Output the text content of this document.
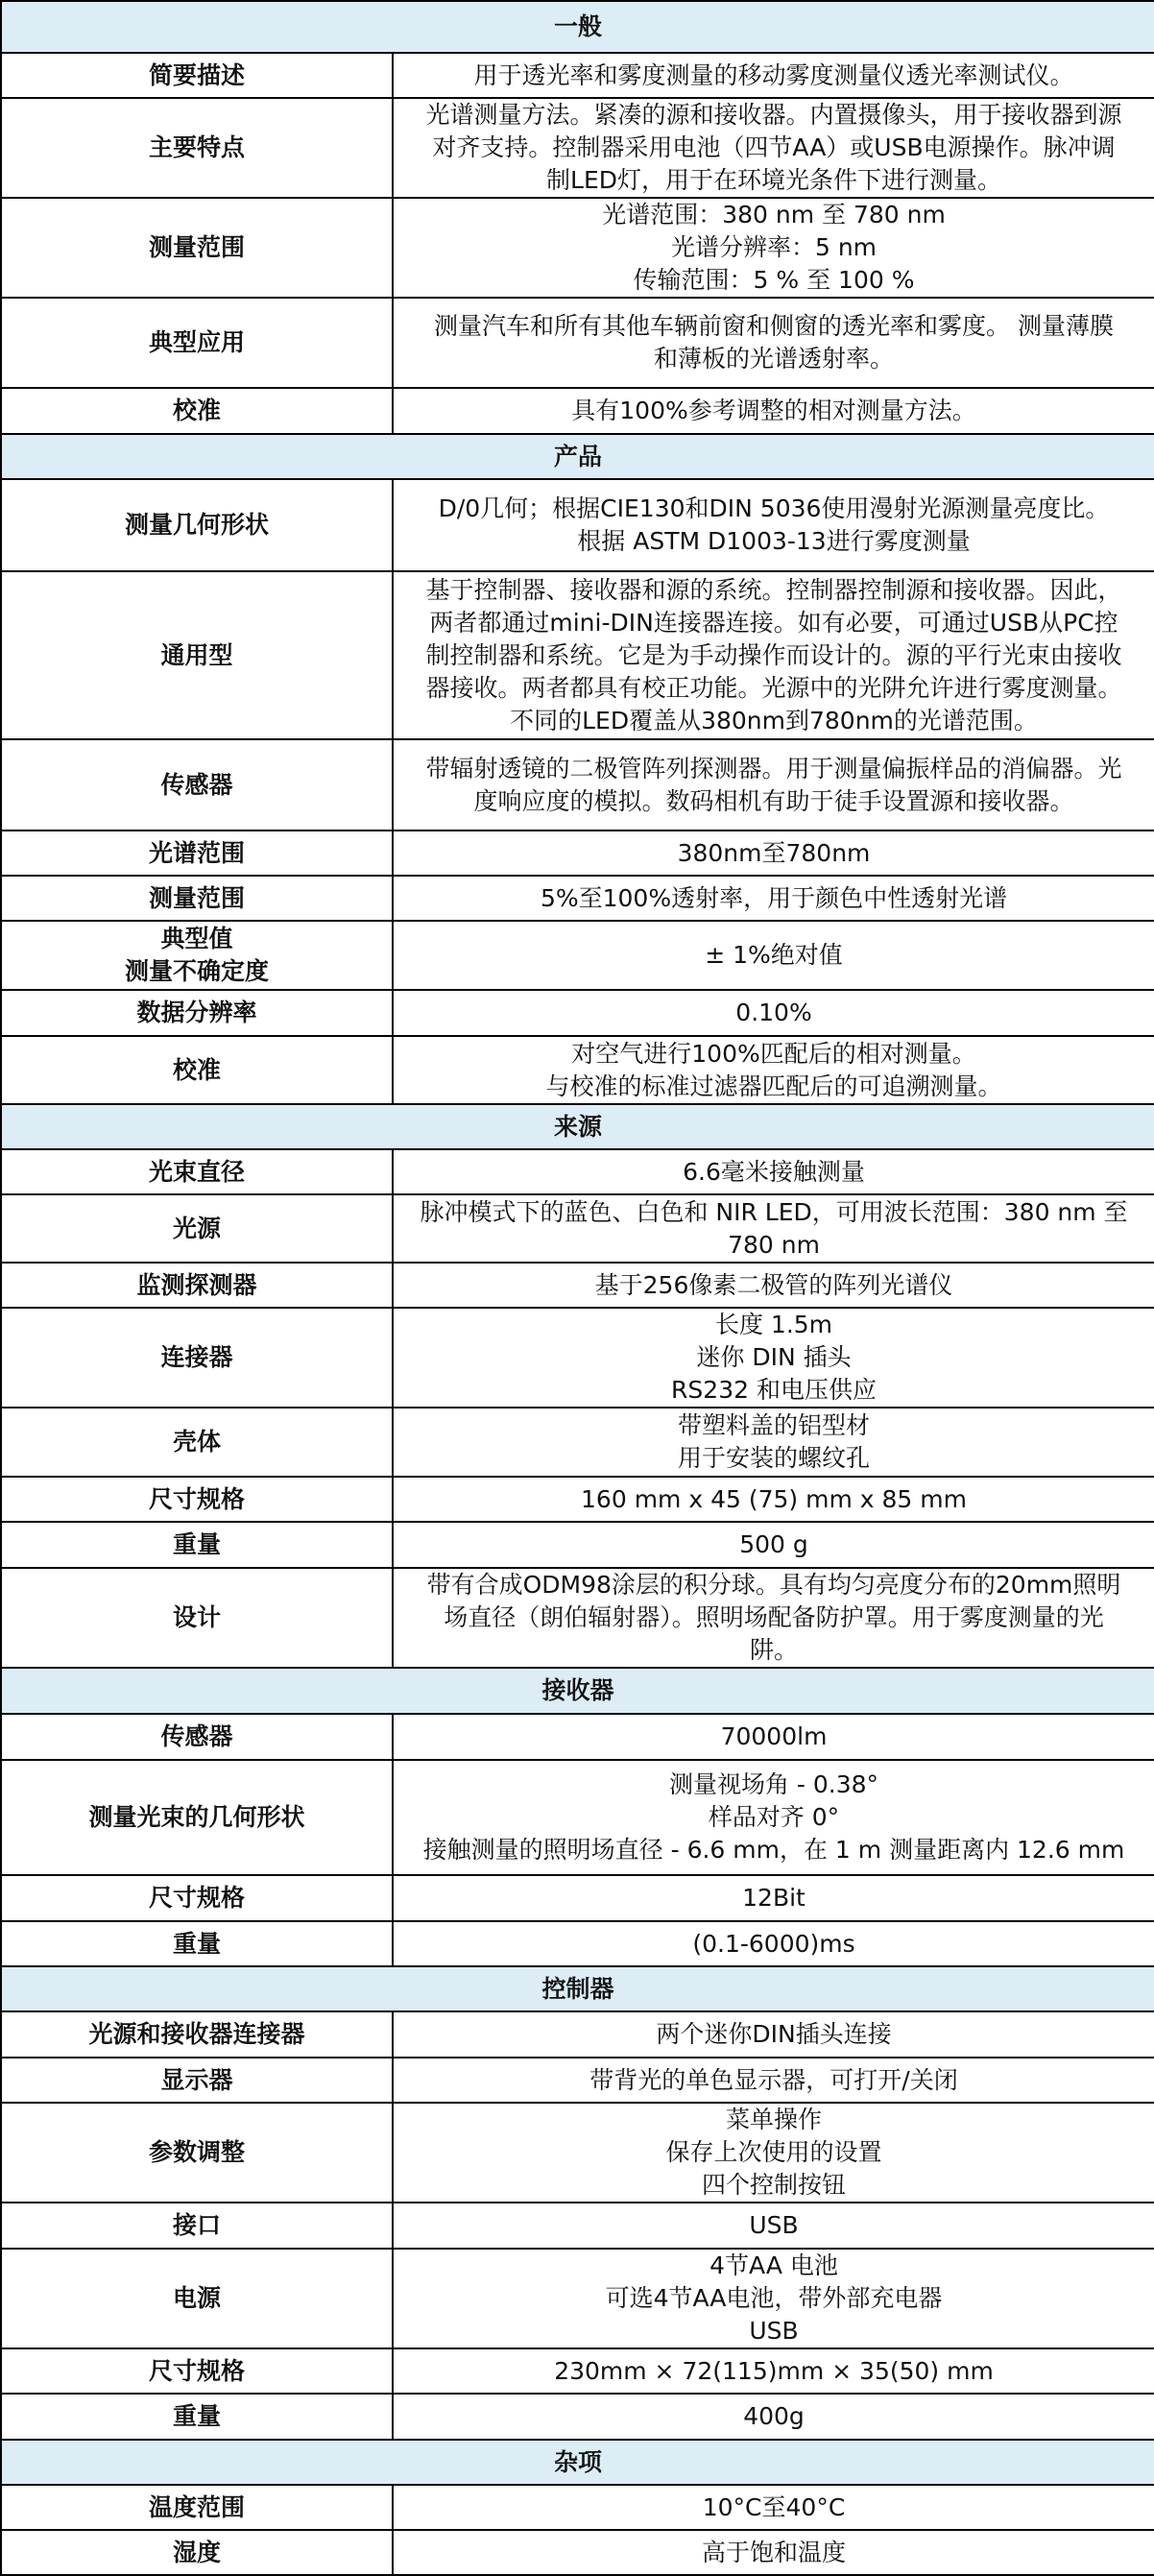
一般	

简要描述	用于透光率和雾度测量的移动雾度测量仪透光率测试仪。

主要特点	光谱测量方法。紧凑的源和接收器。内置摄像头，用于接收器到源
对齐支持。控制器采用电池（四节AA）或USB电源操作。脉冲调
制LED灯，用于在环境光条件下进行测量。

测量范围	光谱范围：380 nm 至 780 nm
光谱分辨率：5 nm
传输范围：5 % 至 100 %

典型应用	测量汽车和所有其他车辆前窗和侧窗的透光率和雾度。 测量薄膜
和薄板的光谱透射率。

校准	具有100%参考调整的相对测量方法。

产品	

测量几何形状	D/0几何；根据CIE130和DIN 5036使用漫射光源测量亮度比。
根据 ASTM D1003-13进行雾度测量

通用型	基于控制器、接收器和源的系统。控制器控制源和接收器。因此，
两者都通过mini-DIN连接器连接。如有必要，可通过USB从PC控
制控制器和系统。它是为手动操作而设计的。源的平行光束由接收
器接收。两者都具有校正功能。光源中的光阱允许进行雾度测量。
不同的LED覆盖从380nm到780nm的光谱范围。

传感器	带辐射透镜的二极管阵列探测器。用于测量偏振样品的消偏器。光
度响应度的模拟。数码相机有助于徒手设置源和接收器。

光谱范围	380nm至780nm

测量范围	5%至100%透射率，用于颜色中性透射光谱

典型值
测量不确定度	± 1%绝对值

数据分辨率	0.10%

校准	对空气进行100%匹配后的相对测量。
与校准的标准过滤器匹配后的可追溯测量。

来源	

光束直径	6.6毫米接触测量

光源	脉冲模式下的蓝色、白色和 NIR LED，可用波长范围：380 nm 至
780 nm

监测探测器	基于256像素二极管的阵列光谱仪

连接器	长度 1.5m
迷你 DIN 插头
RS232 和电压供应

壳体	带塑料盖的铝型材
用于安装的螺纹孔

尺寸规格	160 mm x 45 (75) mm x 85 mm

重量	500 g

设计	带有合成ODM98涂层的积分球。具有均匀亮度分布的20mm照明
场直径（朗伯辐射器）。照明场配备防护罩。用于雾度测量的光
阱。

接收器	

传感器	70000lm

测量光束的几何形状	测量视场角 - 0.38°
样品对齐 0°
接触测量的照明场直径 - 6.6 mm，在 1 m 测量距离内 12.6 mm

尺寸规格	12Bit

重量	(0.1-6000)ms

控制器	

光源和接收器连接器	两个迷你DIN插头连接

显示器	带背光的单色显示器，可打开/关闭

参数调整	菜单操作
保存上次使用的设置
四个控制按钮

接口	USB

电源	4节AA 电池
可选4节AA电池，带外部充电器
USB

尺寸规格	230mm × 72(115)mm × 35(50) mm

重量	400g

杂项	

温度范围	10°C至40°C

湿度	高于饱和温度
